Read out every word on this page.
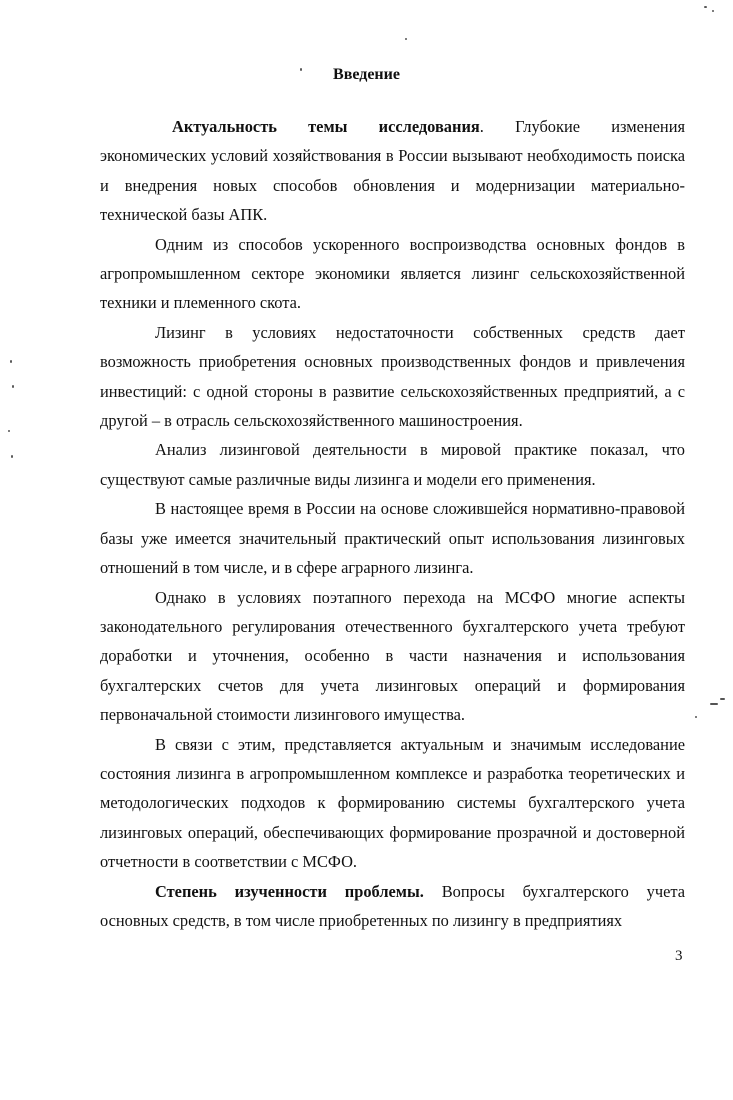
Введение

Актуальность темы исследования. Глубокие изменения экономических условий хозяйствования в России вызывают необходимость поиска и внедрения новых способов обновления и модернизации материально-технической базы АПК.

Одним из способов ускоренного воспроизводства основных фондов в агропромышленном секторе экономики является лизинг сельскохозяйственной техники и племенного скота.

Лизинг в условиях недостаточности собственных средств дает возможность приобретения основных производственных фондов и привлечения инвестиций: с одной стороны в развитие сельскохозяйственных предприятий, а с другой – в отрасль сельскохозяйственного машиностроения.

Анализ лизинговой деятельности в мировой практике показал, что существуют самые различные виды лизинга и модели его применения.

В настоящее время в России на основе сложившейся нормативно-правовой базы уже имеется значительный практический опыт использования лизинговых отношений в том числе, и в сфере аграрного лизинга.

Однако в условиях поэтапного перехода на МСФО многие аспекты законодательного регулирования отечественного бухгалтерского учета требуют доработки и уточнения, особенно в части назначения и использования бухгалтерских счетов для учета лизинговых операций и формирования первоначальной стоимости лизингового имущества.

В связи с этим, представляется актуальным и значимым исследование состояния лизинга в агропромышленном комплексе и разработка теоретических и методологических подходов к формированию системы бухгалтерского учета лизинговых операций, обеспечивающих формирование прозрачной и достоверной отчетности в соответствии с МСФО.

Степень изученности проблемы. Вопросы бухгалтерского учета основных средств, в том числе приобретенных по лизингу в предприятиях

3
